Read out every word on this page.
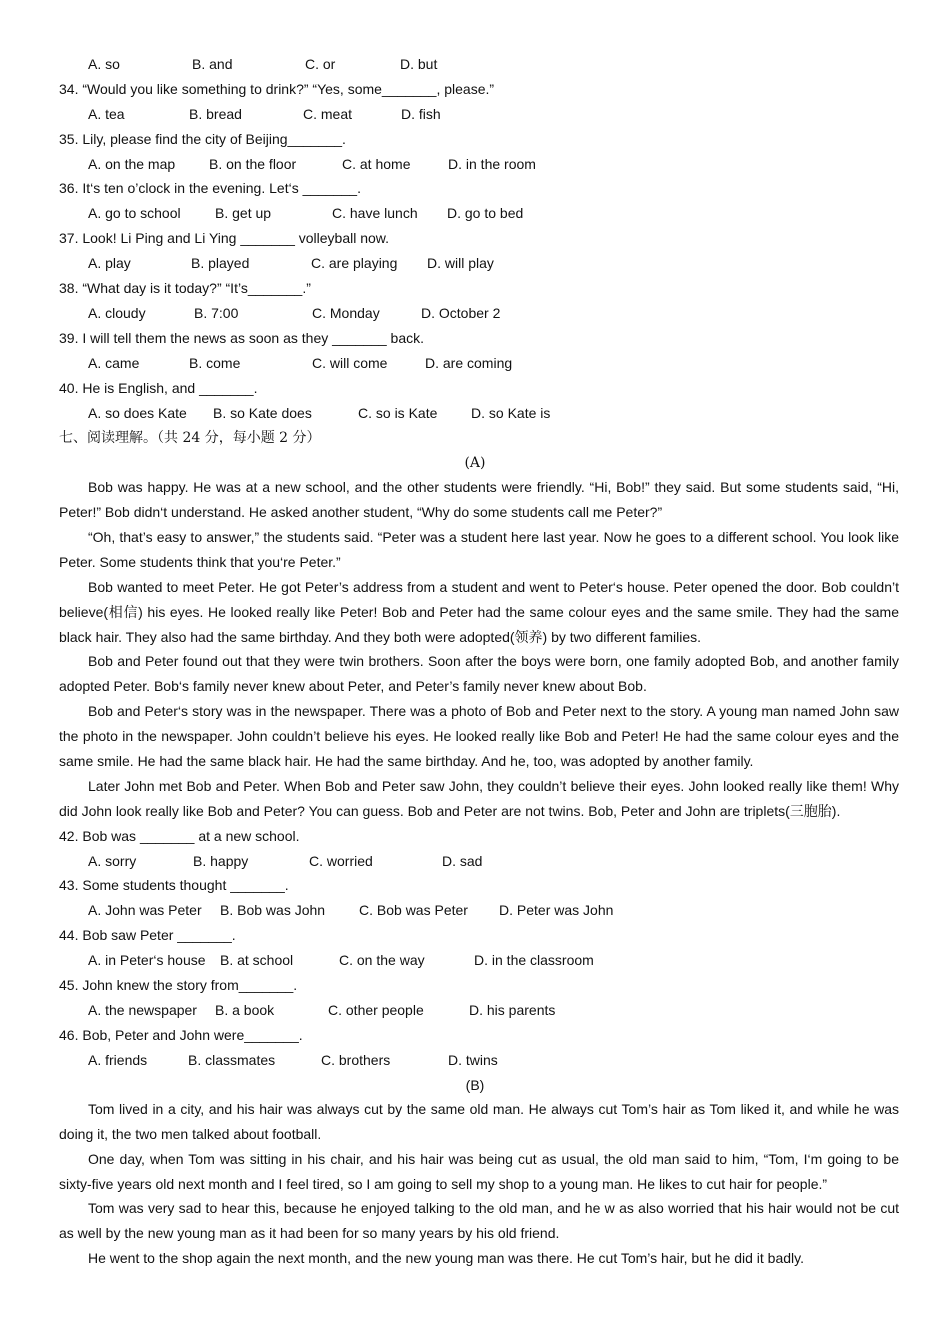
A. so	B. and	C. or	D. but
34. “Would you like something to drink?” “Yes, some_______, please.”
A. tea	B. bread	C. meat	D. fish
35. Lily, please find the city of Beijing_______.
A. on the map B. on the floor	C. at home	D. in the room
36. It‘s ten o’clock in the evening. Let‘s _______.
A. go to school B. get up	C. have lunch D. go to bed
37. Look! Li Ping and Li Ying _______ volleyball now.
A. play	B. played	C. are playing D. will play
38. “What day is it today?” “It’s_______.”
A. cloudy	B. 7:00	C. Monday	D. October 2
39. I will tell them the news as soon as they _______ back.
A. came	B. come	C. will come	D. are coming
40. He is English, and _______.
A. so does Kate B. so Kate does	C. so is Kate D. so Kate is
七、阅读理解。（共 24 分，每小题 2 分）
(A)
Bob was happy. He was at a new school, and the other students were friendly. “Hi, Bob!” they said. But some students said, “Hi, Peter!” Bob didn‘t understand. He asked another student, “Why do some students call me Peter?”
“Oh, that’s easy to answer,” the students said. “Peter was a student here last year. Now he goes to a different school. You look like Peter. Some students think that you‘re Peter.”
Bob wanted to meet Peter. He got Peter’s address from a student and went to Peter‘s house. Peter opened the door. Bob couldn’t believe(相信) his eyes. He looked really like Peter! Bob and Peter had the same colour eyes and the same smile. They had the same black hair. They also had the same birthday. And they both were adopted(领养) by two different families.
Bob and Peter found out that they were twin brothers. Soon after the boys were born, one family adopted Bob, and another family adopted Peter. Bob‘s family never knew about Peter, and Peter’s family never knew about Bob.
Bob and Peter‘s story was in the newspaper. There was a photo of Bob and Peter next to the story. A young man named John saw the photo in the newspaper. John couldn’t believe his eyes. He looked really like Bob and Peter! He had the same colour eyes and the same smile. He had the same black hair. He had the same birthday. And he, too, was adopted by another family.
Later John met Bob and Peter. When Bob and Peter saw John, they couldn’t believe their eyes. John looked really like them! Why did John look really like Bob and Peter? You can guess. Bob and Peter are not twins. Bob, Peter and John are triplets(三胞胎).
42. Bob was _______ at a new school.
A. sorry	B. happy	C. worried	D. sad
43. Some students thought _______.
A. John was Peter B. Bob was John C. Bob was Peter D. Peter was John
44. Bob saw Peter _______.
A. in Peter‘s house B. at school	C. on the way	D. in the classroom
45. John knew the story from_______.
A. the newspaper B. a book	C. other people	D. his parents
46. Bob, Peter and John were_______.
A. friends	B. classmates	C. brothers	D. twins
(B)
Tom lived in a city, and his hair was always cut by the same old man. He always cut Tom’s hair as Tom liked it, and while he was doing it, the two men talked about football.
One day, when Tom was sitting in his chair, and his hair was being cut as usual, the old man said to him, “Tom, I‘m going to be sixty-five years old next month and I feel tired, so I am going to sell my shop to a young man. He likes to cut hair for people.”
Tom was very sad to hear this, because he enjoyed talking to the old man, and he w as also worried that his hair would not be cut as well by the new young man as it had been for so many years by his old friend.
He went to the shop again the next month, and the new young man was there. He cut Tom’s hair, but he did it badly.
